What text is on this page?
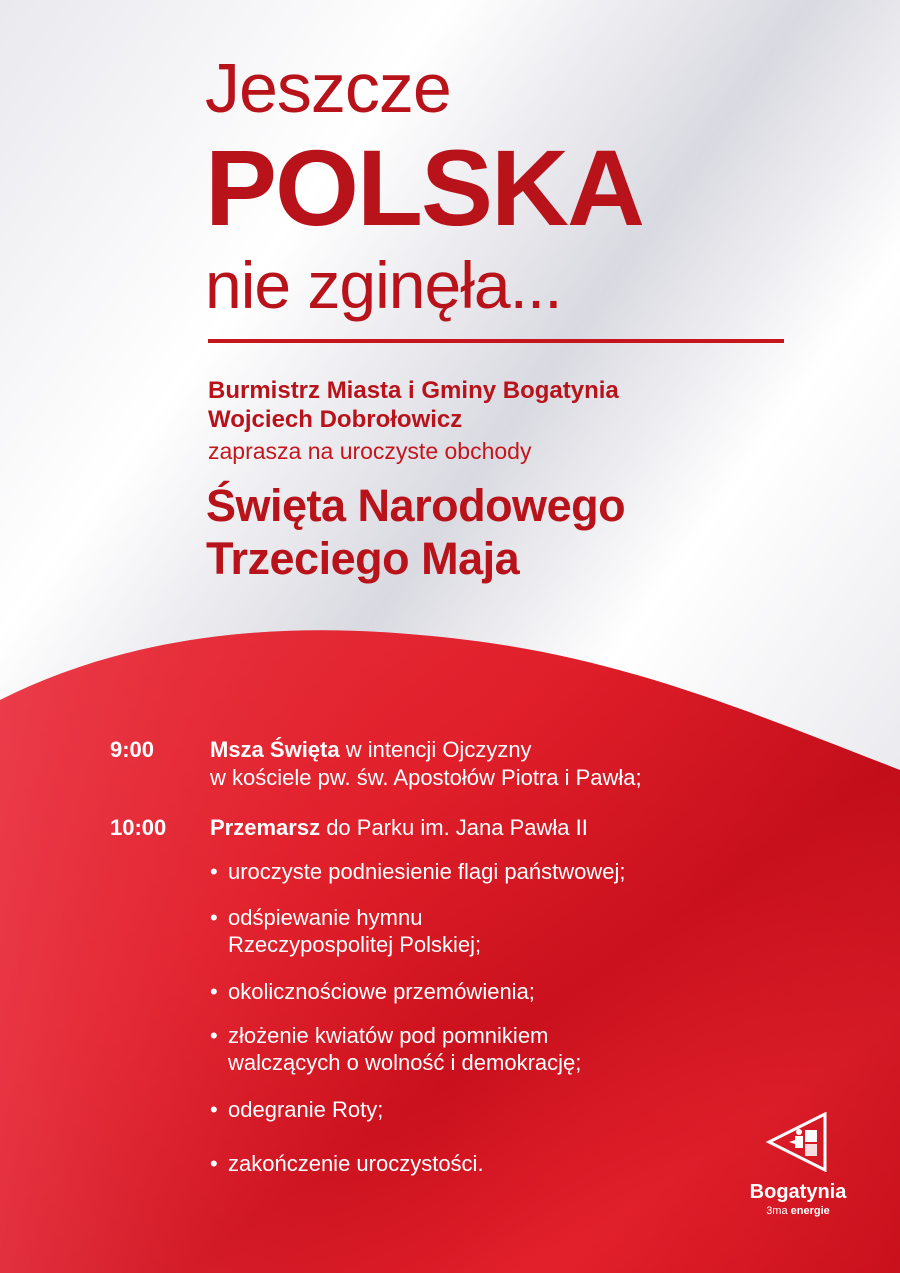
Jeszcze
POLSKA
nie zginęła...
Burmistrz Miasta i Gminy Bogatynia
Wojciech Dobrołowicz
zaprasza na uroczyste obchody
Święta Narodowego
Trzeciego Maja
9:00	Msza Święta w intencji Ojczyzny
w kościele pw. św. Apostołów Piotra i Pawła;
10:00 Przemarsz do Parku im. Jana Pawła II
• uroczyste podniesienie flagi państwowej;
• odśpiewanie hymnu
Rzeczypospolitej Polskiej;
• okolicznościowe przemówienia;
• złożenie kwiatów pod pomnikiem
walczących o wolność i demokrację;
• odegranie Roty;
• zakończenie uroczystości.
Bogatynia
3ma energie
